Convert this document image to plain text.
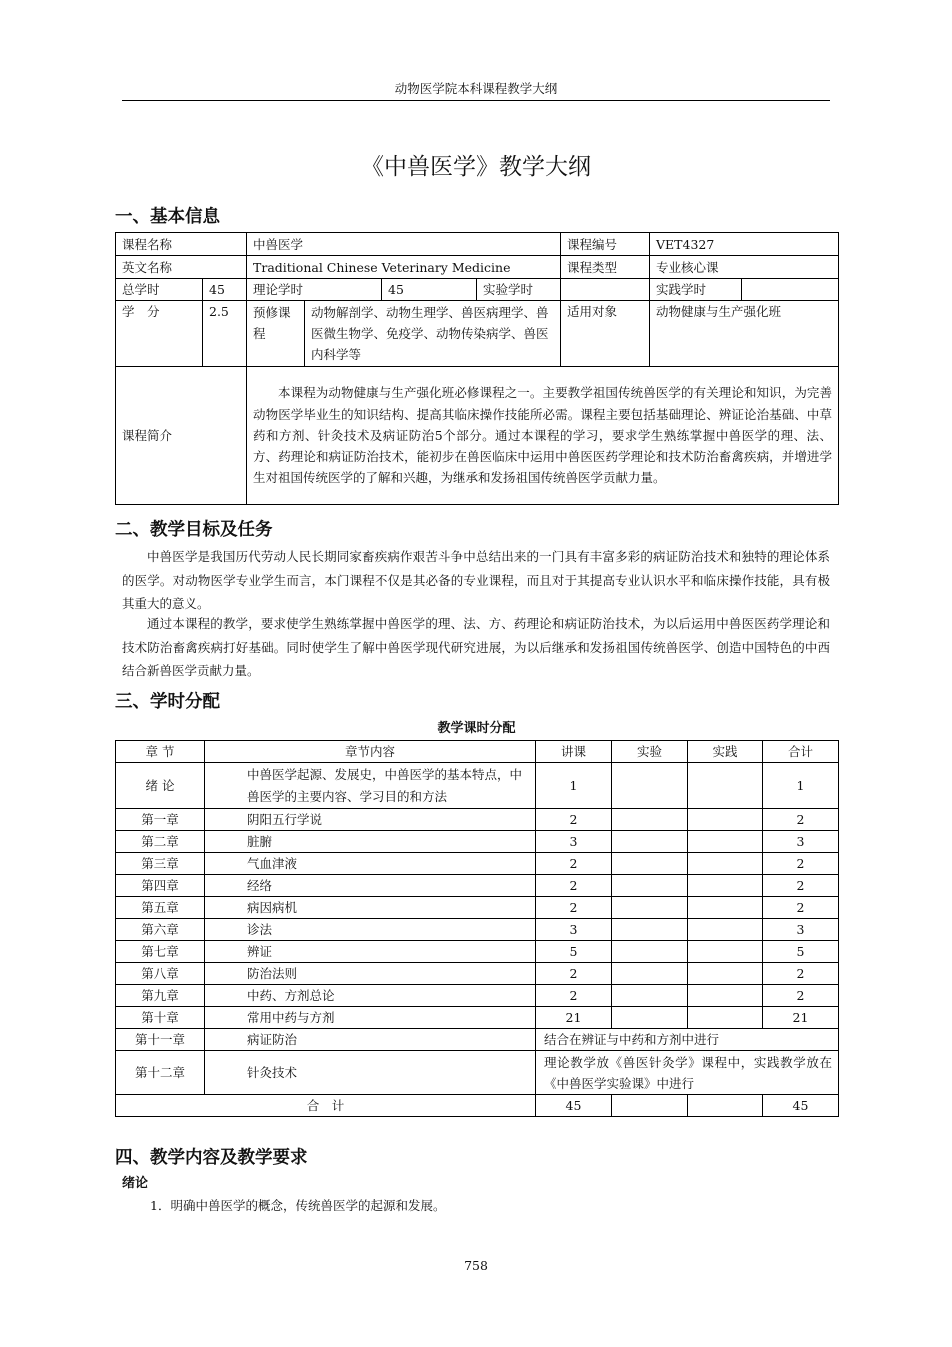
动物医学院本科课程教学大纲
《中兽医学》教学大纲
一、基本信息
课程名称		中兽医学				课程编号	VET4327	
英文名称		Traditional Chinese Veterinary Medicine				课程类型	专业核心课	
总学时	45	理论学时		45	实验学时		实践学时	
学　分	2.5	预修课程	动物解剖学、动物生理学、兽医病理学、兽医微生物学、免疫学、动物传染病学、兽医内科学等			适用对象	动物健康与生产强化班	
课程简介		本课程为动物健康与生产强化班必修课程之一。主要教学祖国传统兽医学的有关理论和知识，为完善动物医学毕业生的知识结构、提高其临床操作技能所必需。课程主要包括基础理论、辨证论治基础、中草药和方剂、针灸技术及病证防治5个部分。通过本课程的学习，要求学生熟练掌握中兽医学的理、法、方、药理论和病证防治技术，能初步在兽医临床中运用中兽医医药学理论和技术防治畜禽疾病，并增进学生对祖国传统医学的了解和兴趣，为继承和发扬祖国传统兽医学贡献力量。						
二、教学目标及任务

中兽医学是我国历代劳动人民长期同家畜疾病作艰苦斗争中总结出来的一门具有丰富多彩的病证防治技术和独特的理论体系的医学。对动物医学专业学生而言，本门课程不仅是其必备的专业课程，而且对于其提高专业认识水平和临床操作技能，具有极其重大的意义。

通过本课程的教学，要求使学生熟练掌握中兽医学的理、法、方、药理论和病证防治技术，为以后运用中兽医医药学理论和技术防治畜禽疾病打好基础。同时使学生了解中兽医学现代研究进展，为以后继承和发扬祖国传统兽医学、创造中国特色的中西结合新兽医学贡献力量。

三、学时分配
教学课时分配
章 节	章节内容	讲课	实验	实践	合计
绪 论	中兽医学起源、发展史，中兽医学的基本特点，中兽医学的主要内容、学习目的和方法	1			1
第一章	阴阳五行学说	2			2
第二章	脏腑	3			3
第三章	气血津液	2			2
第四章	经络	2			2
第五章	病因病机	2			2
第六章	诊法	3			3
第七章	辨证	5			5
第八章	防治法则	2			2
第九章	中药、方剂总论	2			2
第十章	常用中药与方剂	21			21
第十一章	病证防治	结合在辨证与中药和方剂中进行			
第十二章	针灸技术	理论教学放《兽医针灸学》课程中，实践教学放在《中兽医学实验课》中进行			
合　计		45			45
四、教学内容及教学要求
绪论
1．明确中兽医学的概念，传统兽医学的起源和发展。
758
